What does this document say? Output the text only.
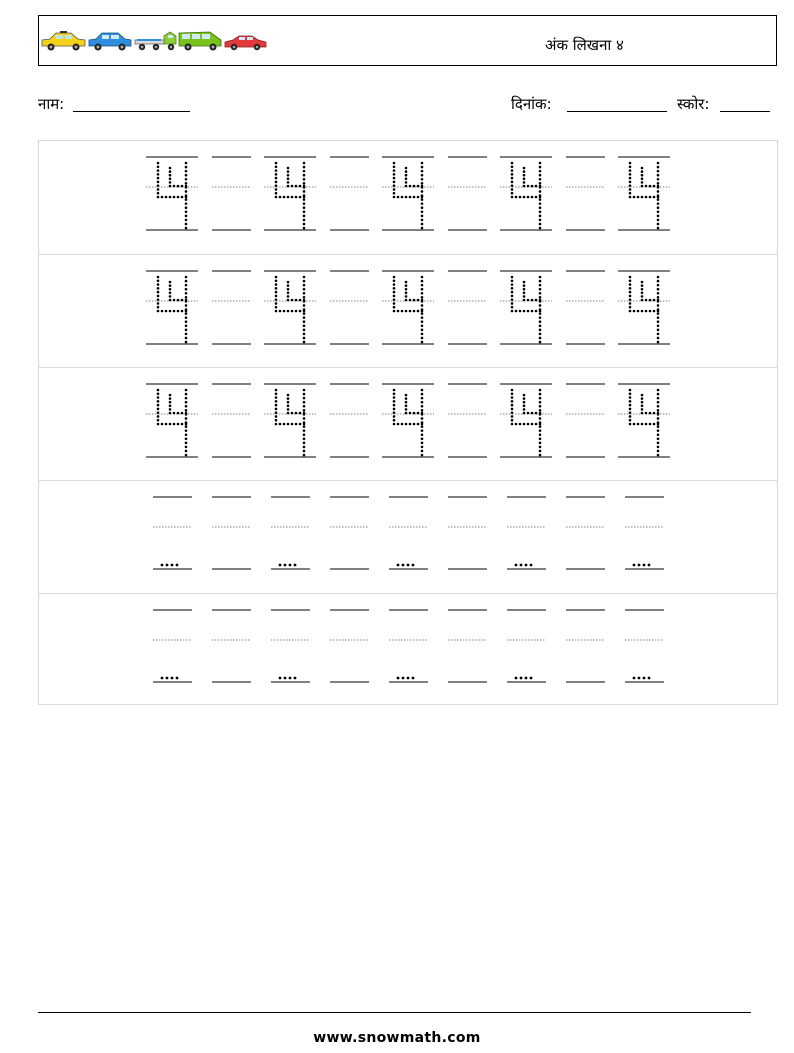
अंक लिखना ४
नाम:	दिनांक:	स्कोर:
www.snowmath.com
